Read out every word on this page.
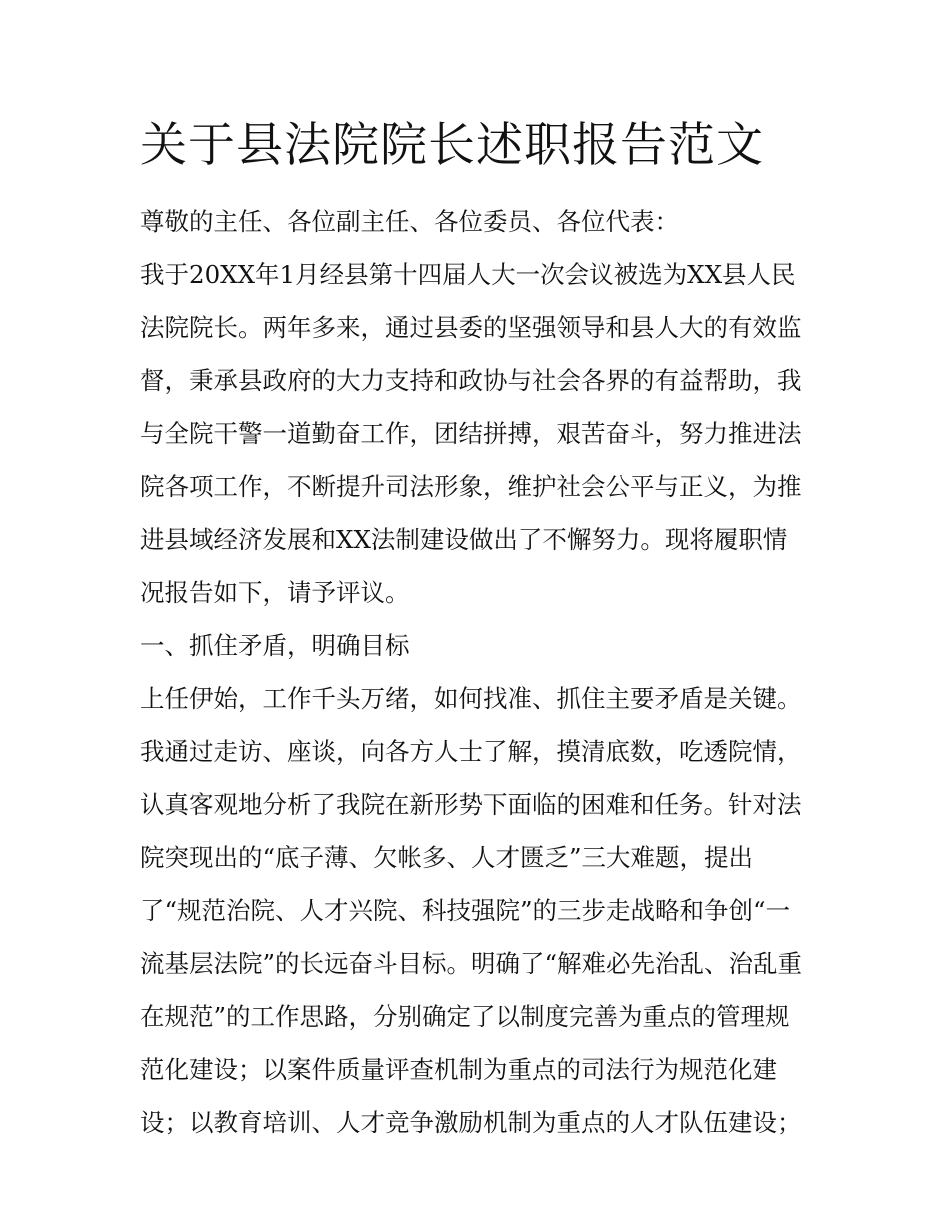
关于县法院院长述职报告范文
尊敬的主任、各位副主任、各位委员、各位代表：
我于20XX年1月经县第十四届人大一次会议被选为XX县人民
法院院长。两年多来，通过县委的坚强领导和县人大的有效监
督，秉承县政府的大力支持和政协与社会各界的有益帮助，我
与全院干警一道勤奋工作，团结拼搏，艰苦奋斗，努力推进法
院各项工作，不断提升司法形象，维护社会公平与正义，为推
进县域经济发展和XX法制建设做出了不懈努力。现将履职情
况报告如下，请予评议。
一、抓住矛盾，明确目标
上任伊始，工作千头万绪，如何找准、抓住主要矛盾是关键。
我通过走访、座谈，向各方人士了解，摸清底数，吃透院情，
认真客观地分析了我院在新形势下面临的困难和任务。针对法
院突现出的“底子薄、欠帐多、人才匮乏”三大难题，提出
了“规范治院、人才兴院、科技强院”的三步走战略和争创“一
流基层法院”的长远奋斗目标。明确了“解难必先治乱、治乱重
在规范”的工作思路，分别确定了以制度完善为重点的管理规
范化建设；以案件质量评查机制为重点的司法行为规范化建
设；以教育培训、人才竞争激励机制为重点的人才队伍建设；
